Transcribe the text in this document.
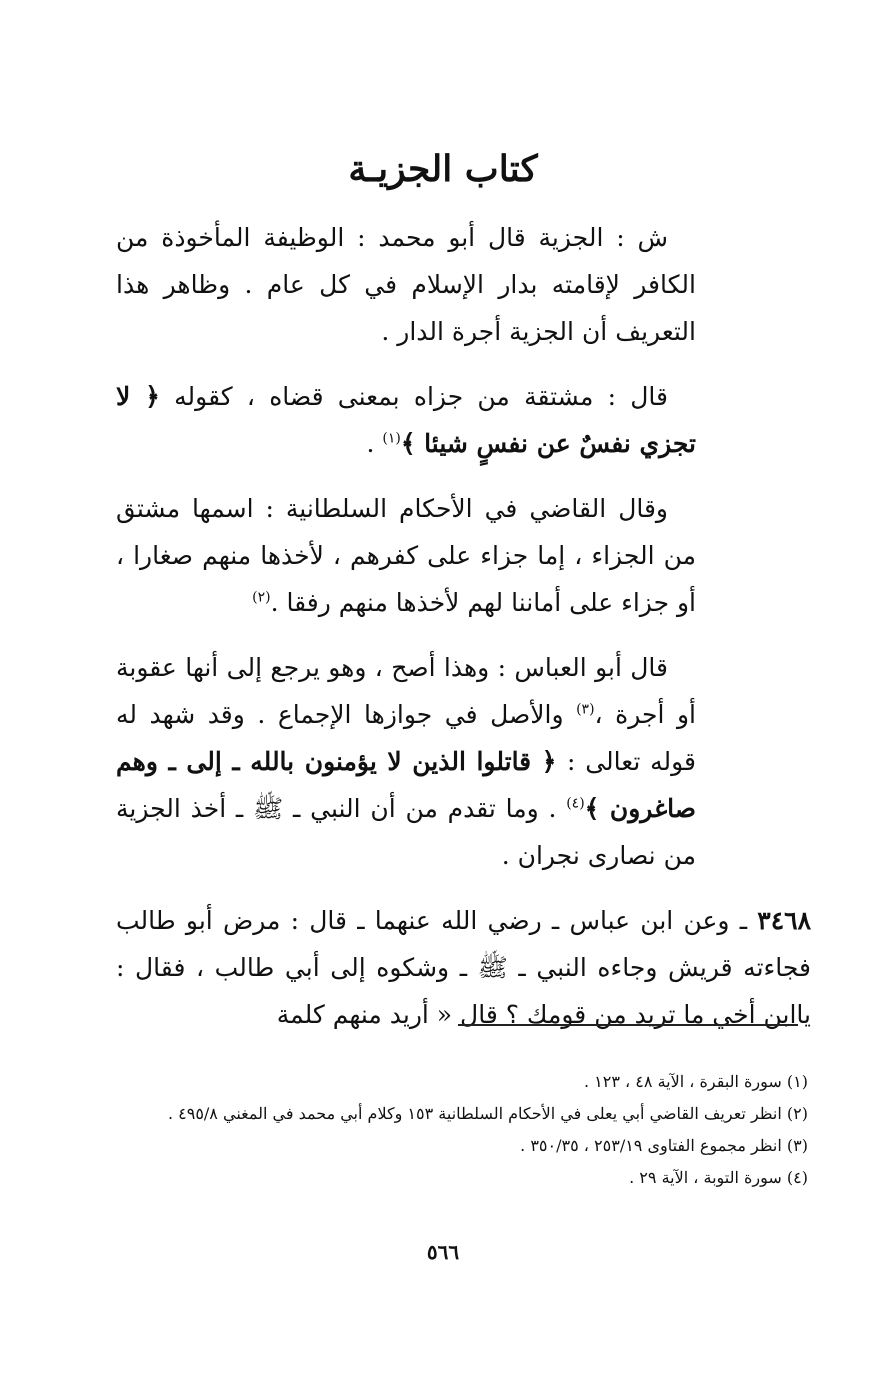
كتاب الجزيـة

ش : الجزية قال أبو محمد : الوظيفة المأخوذة من الكافر لإقامته بدار الإسلام في كل عام . وظاهر هذا التعريف أن الجزية أجرة الدار .

قال : مشتقة من جزاه بمعنى قضاه ، كقوله ﴿ لا تجزي نفسٌ عن نفسٍ شيئا ﴾$^{(١)}$ .

وقال القاضي في الأحكام السلطانية : اسمها مشتق من الجزاء ، إما جزاء على كفرهم ، لأخذها منهم صغارا ، أو جزاء على أماننا لهم لأخذها منهم رفقا .$^{(٢)}$

قال أبو العباس : وهذا أصح ، وهو يرجع إلى أنها عقوبة أو أجرة ،$^{(٣)}$ والأصل في جوازها الإجماع . وقد شهد له قوله تعالى : ﴿ قاتلوا الذين لا يؤمنون بالله ـ إلى ـ وهم صاغرون ﴾$^{(٤)}$ . وما تقدم من أن النبي ـ ﷺ ـ أخذ الجزية من نصارى نجران .

٣٤٦٨ ـ وعن ابن عباس ـ رضي الله عنهما ـ قال : مرض أبو طالب فجاءته قريش وجاءه النبي ـ ﷺ ـ وشكوه إلى أبي طالب ، فقال : ياابن أخي ما تريد من قومك ؟ قال « أريد منهم كلمة

(١) سورة البقرة ، الآية ٤٨ ، ١٢٣ .
(٢) انظر تعريف القاضي أبي يعلى في الأحكام السلطانية ١٥٣ وكلام أبي محمد في المغني ٤٩٥/٨ .
(٣) انظر مجموع الفتاوى ٢٥٣/١٩ ، ٣٥٠/٣٥ .
(٤) سورة التوبة ، الآية ٢٩ .
٥٦٦
